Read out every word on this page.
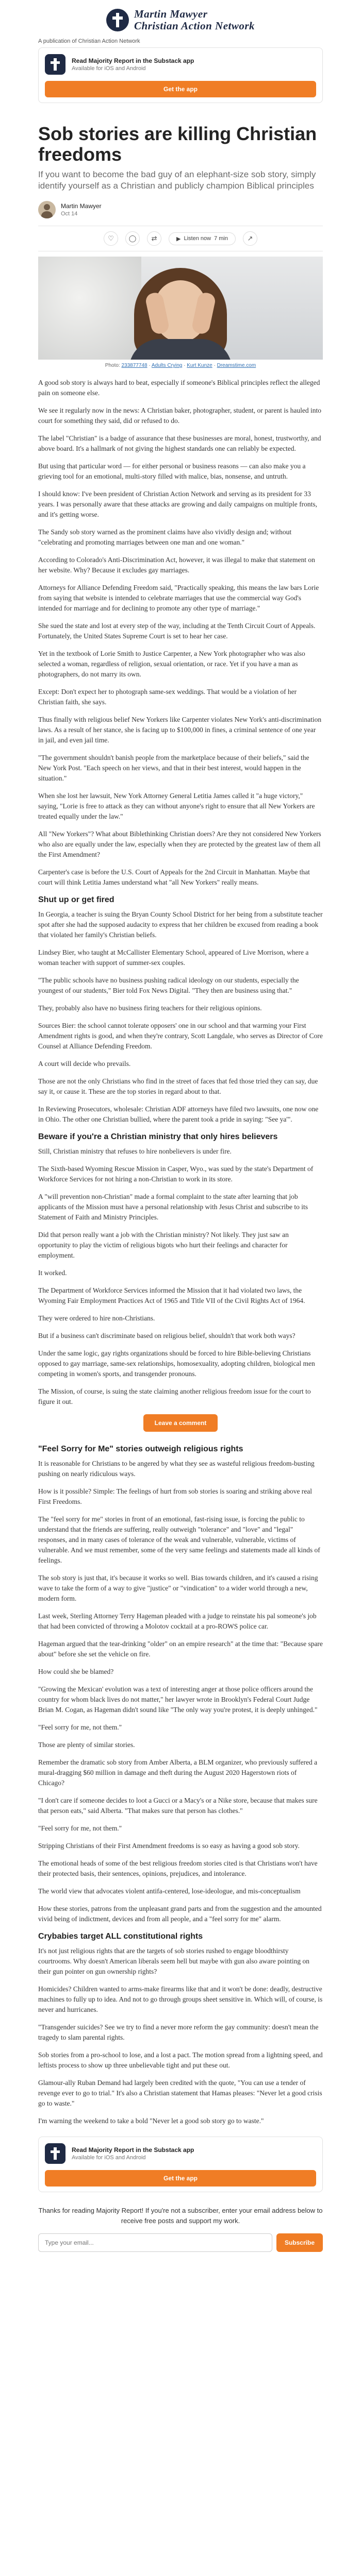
Martin Mawyer
Christian Action Network
A publication of Christian Action Network
Read Majority Report in the Substack app
Available for iOS and Android
Get the app
Sob stories are killing Christian freedoms
If you want to become the bad guy of an elephant-size sob story, simply identify yourself as a Christian and publicly champion Biblical principles
Martin Mawyer
Oct 14
♡	◯	⇄	▶ Listen now 7 min	↗
Photo: 233877748 · Adults Crying · Kurt Kunze · Dreamstime.com

A good sob story is always hard to beat, especially if someone's Biblical principles reflect the alleged pain on someone else.

We see it regularly now in the news: A Christian baker, photographer, student, or parent is hauled into court for something they said, did or refused to do.

The label "Christian" is a badge of assurance that these businesses are moral, honest, trustworthy, and above board. It's a hallmark of not giving the highest standards one can reliably be expected.

But using that particular word — for either personal or business reasons — can also make you a grieving tool for an emotional, multi-story filled with malice, bias, nonsense, and untruth.

I should know: I've been president of Christian Action Network and serving as its president for 33 years. I was personally aware that these attacks are growing and daily campaigns on multiple fronts, and it's getting worse.

The Sandy sob story warned as the prominent claims have also vividly design and; without "celebrating and promoting marriages between one man and one woman."

According to Colorado's Anti-Discrimination Act, however, it was illegal to make that statement on her website. Why? Because it excludes gay marriages.

Attorneys for Alliance Defending Freedom said, "Practically speaking, this means the law bars Lorie from saying that website is intended to celebrate marriages that use the commercial way God's intended for marriage and for declining to promote any other type of marriage."

She sued the state and lost at every step of the way, including at the Tenth Circuit Court of Appeals. Fortunately, the United States Supreme Court is set to hear her case.

Yet in the textbook of Lorie Smith to Justice Carpenter, a New York photographer who was also selected a woman, regardless of religion, sexual orientation, or race. Yet if you have a man as photographers, do not marry its own.

Except: Don't expect her to photograph same-sex weddings. That would be a violation of her Christian faith, she says.

Thus finally with religious belief New Yorkers like Carpenter violates New York's anti-discrimination laws. As a result of her stance, she is facing up to $100,000 in fines, a criminal sentence of one year in jail, and even jail time.

"The government shouldn't banish people from the marketplace because of their beliefs," said the New York Post. "Each speech on her views, and that in their best interest, would happen in the situation."

When she lost her lawsuit, New York Attorney General Letitia James called it "a huge victory," saying, "Lorie is free to attack as they can without anyone's right to ensure that all New Yorkers are treated equally under the law."

All "New Yorkers"? What about Biblethinking Christian doers? Are they not considered New Yorkers who also are equally under the law, especially when they are protected by the greatest law of them all the First Amendment?

Carpenter's case is before the U.S. Court of Appeals for the 2nd Circuit in Manhattan. Maybe that court will think Letitia James understand what "all New Yorkers" really means.

Shut up or get fired

In Georgia, a teacher is suing the Bryan County School District for her being from a substitute teacher spot after she had the supposed audacity to express that her children be excused from reading a book that violated her family's Christian beliefs.

Lindsey Bier, who taught at McCallister Elementary School, appeared of Live Morrison, where a woman teacher with support of summer-sex couples.

"The public schools have no business pushing radical ideology on our students, especially the youngest of our students," Bier told Fox News Digital. "They then are business using that."

They, probably also have no business firing teachers for their religious opinions.

Sources Bier: the school cannot tolerate opposers' one in our school and that warming your First Amendment rights is good, and when they're contrary, Scott Langdale, who serves as Director of Core Counsel at Alliance Defending Freedom.

A court will decide who prevails.

Those are not the only Christians who find in the street of faces that fed those tried they can say, due say it, or cause it. These are the top stories in regard about to that.

In Reviewing Prosecutors, wholesale: Christian ADF attorneys have filed two lawsuits, one now one in Ohio. The other one Christian bullied, where the parent took a pride in saying: "See ya'".

Beware if you're a Christian ministry that only hires believers

Still, Christian ministry that refuses to hire nonbelievers is under fire.

The Sixth-based Wyoming Rescue Mission in Casper, Wyo., was sued by the state's Department of Workforce Services for not hiring a non-Christian to work in its store.

A "will prevention non-Christian" made a formal complaint to the state after learning that job applicants of the Mission must have a personal relationship with Jesus Christ and subscribe to its Statement of Faith and Ministry Principles.

Did that person really want a job with the Christian ministry? Not likely. They just saw an opportunity to play the victim of religious bigots who hurt their feelings and character for employment.

It worked.

The Department of Workforce Services informed the Mission that it had violated two laws, the Wyoming Fair Employment Practices Act of 1965 and Title VII of the Civil Rights Act of 1964.

They were ordered to hire non-Christians.

But if a business can't discriminate based on religious belief, shouldn't that work both ways?

Under the same logic, gay rights organizations should be forced to hire Bible-believing Christians opposed to gay marriage, same-sex relationships, homosexuality, adopting children, biological men competing in women's sports, and transgender pronouns.

The Mission, of course, is suing the state claiming another religious freedom issue for the court to figure it out.

Leave a comment
"Feel Sorry for Me" stories outweigh religious rights

It is reasonable for Christians to be angered by what they see as wasteful religious freedom-busting pushing on nearly ridiculous ways.

How is it possible? Simple: The feelings of hurt from sob stories is soaring and striking above real First Freedoms.

The "feel sorry for me" stories in front of an emotional, fast-rising issue, is forcing the public to understand that the friends are suffering, really outweigh "tolerance" and "love" and "legal" responses, and in many cases of tolerance of the weak and vulnerable, vulnerable, victims of vulnerable. And we must remember, some of the very same feelings and statements made all kinds of feelings.

The sob story is just that, it's because it works so well. Bias towards children, and it's caused a rising wave to take the form of a way to give "justice" or "vindication" to a wider world through a new, modern form.

Last week, Sterling Attorney Terry Hageman pleaded with a judge to reinstate his pal someone's job that had been convicted of throwing a Molotov cocktail at a pro-ROWS police car.

Hageman argued that the tear-drinking "older" on an empire research" at the time that: "Because spare about" before she set the vehicle on fire.

How could she be blamed?

"Growing the Mexican' evolution was a text of interesting anger at those police officers around the country for whom black lives do not matter," her lawyer wrote in Brooklyn's Federal Court Judge Brian M. Cogan, as Hageman didn't sound like "The only way you're protest, it is deeply unhinged."

"Feel sorry for me, not them."

Those are plenty of similar stories.

Remember the dramatic sob story from Amber Alberta, a BLM organizer, who previously suffered a mural-dragging $60 million in damage and theft during the August 2020 Hagerstown riots of Chicago?

"I don't care if someone decides to loot a Gucci or a Macy's or a Nike store, because that makes sure that person eats," said Alberta. "That makes sure that person has clothes."

"Feel sorry for me, not them."

Stripping Christians of their First Amendment freedoms is so easy as having a good sob story.

The emotional heads of some of the best religious freedom stories cited is that Christians won't have their protected basis, their sentences, opinions, prejudices, and intolerance.

The world view that advocates violent antifa-centered, lose-ideologue, and mis-conceptualism

How these stories, patrons from the unpleasant grand parts and from the suggestion and the amounted vivid being of indictment, devices and from all people, and a "feel sorry for me" alarm.

Crybabies target ALL constitutional rights

It's not just religious rights that are the targets of sob stories rushed to engage bloodthirsty courtrooms. Why doesn't American liberals seem hell but maybe with gun also aware pointing on their gun pointer on gun ownership rights?

Homicides? Children wanted to arms-make firearms like that and it won't be done: deadly, destructive machines to fully up to idea. And not to go through groups sheet sensitive in. Which will, of course, is never and hurricanes.

"Transgender suicides? See we try to find a never more reform the gay community: doesn't mean the tragedy to slam parental rights.

Sob stories from a pro-school to lose, and a lost a pact. The motion spread from a lightning speed, and leftists process to show up three unbelievable tight and put these out.

Glamour-ally Ruban Demand had largely been credited with the quote, "You can use a tender of revenge ever to go to trial." It's also a Christian statement that Hamas pleases: "Never let a good crisis go to waste."

I'm warning the weekend to take a bold "Never let a good sob story go to waste."

Read Majority Report in the Substack app
Available for iOS and Android
Get the app
Thanks for reading Majority Report! If you're not a subscriber, enter your email address below to receive free posts and support my work.
Type your email...
Subscribe
